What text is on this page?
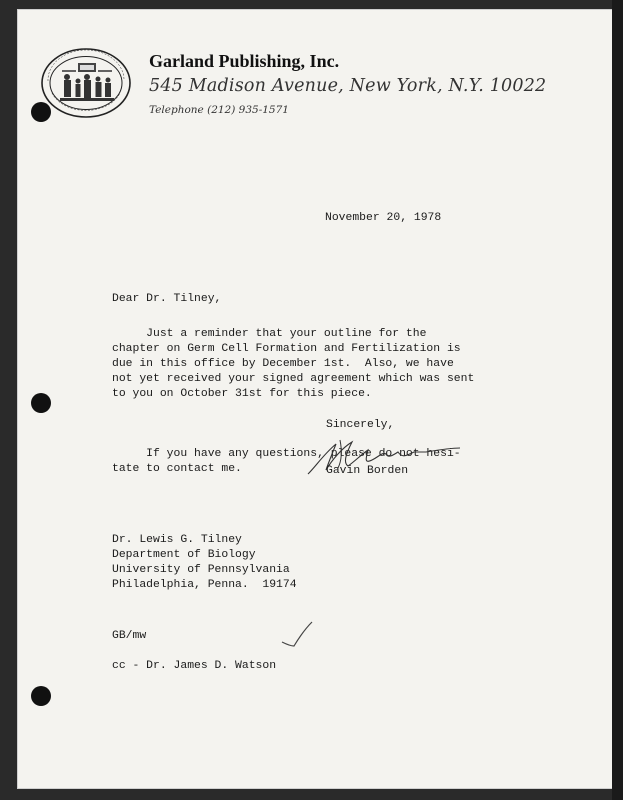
Garland Publishing, Inc.
545 Madison Avenue, New York, N.Y. 10022
Telephone (212) 935-1571
November 20, 1978
Dear Dr. Tilney,

Just a reminder that your outline for the
chapter on Germ Cell Formation and Fertilization is
due in this office by December 1st.  Also, we have
not yet received your signed agreement which was sent
to you on October 31st for this piece.

If you have any questions, please do not hesi-
tate to contact me.

Sincerely,
Gavin Borden
Dr. Lewis G. Tilney
Department of Biology
University of Pennsylvania
Philadelphia, Penna.  19174

GB/mw

cc - Dr. James D. Watson
